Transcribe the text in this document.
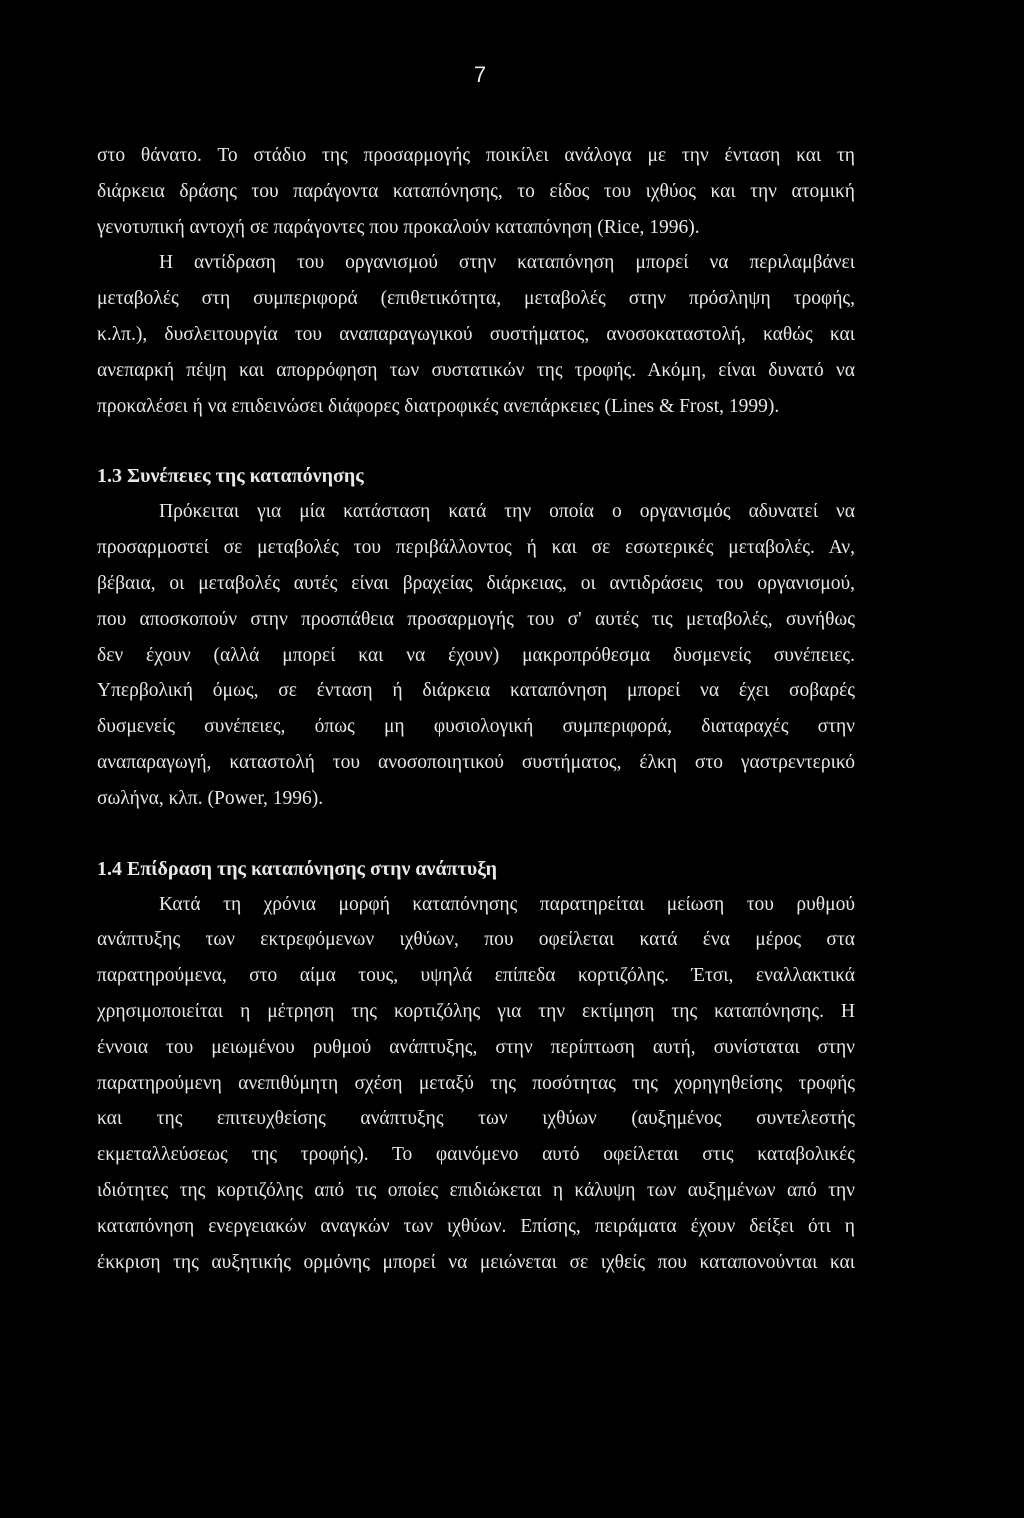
7
στο θάνατο. Το στάδιο της προσαρμογής ποικίλει ανάλογα με την ένταση και τη
διάρκεια δράσης του παράγοντα καταπόνησης, το είδος του ιχθύος και την ατομική
γενοτυπική αντοχή σε παράγοντες που προκαλούν καταπόνηση (Rice, 1996).
Η αντίδραση του οργανισμού στην καταπόνηση μπορεί να περιλαμβάνει
μεταβολές στη συμπεριφορά (επιθετικότητα, μεταβολές στην πρόσληψη τροφής,
κ.λπ.), δυσλειτουργία του αναπαραγωγικού συστήματος, ανοσοκαταστολή, καθώς και
ανεπαρκή πέψη και απορρόφηση των συστατικών της τροφής. Ακόμη, είναι δυνατό να
προκαλέσει ή να επιδεινώσει διάφορες διατροφικές ανεπάρκειες (Lines & Frost, 1999).
1.3 Συνέπειες της καταπόνησης
Πρόκειται για μία κατάσταση κατά την οποία ο οργανισμός αδυνατεί να
προσαρμοστεί σε μεταβολές του περιβάλλοντος ή και σε εσωτερικές μεταβολές. Αν,
βέβαια, οι μεταβολές αυτές είναι βραχείας διάρκειας, οι αντιδράσεις του οργανισμού,
που αποσκοπούν στην προσπάθεια προσαρμογής του σ' αυτές τις μεταβολές, συνήθως
δεν έχουν (αλλά μπορεί και να έχουν) μακροπρόθεσμα δυσμενείς συνέπειες.
Υπερβολική όμως, σε ένταση ή διάρκεια καταπόνηση μπορεί να έχει σοβαρές
δυσμενείς συνέπειες, όπως μη φυσιολογική συμπεριφορά, διαταραχές στην
αναπαραγωγή, καταστολή του ανοσοποιητικού συστήματος, έλκη στο γαστρεντερικό
σωλήνα, κλπ. (Power, 1996).
1.4 Επίδραση της καταπόνησης στην ανάπτυξη
Κατά τη χρόνια μορφή καταπόνησης παρατηρείται μείωση του ρυθμού
ανάπτυξης των εκτρεφόμενων ιχθύων, που οφείλεται κατά ένα μέρος στα
παρατηρούμενα, στο αίμα τους, υψηλά επίπεδα κορτιζόλης. Έτσι, εναλλακτικά
χρησιμοποιείται η μέτρηση της κορτιζόλης για την εκτίμηση της καταπόνησης. Η
έννοια του μειωμένου ρυθμού ανάπτυξης, στην περίπτωση αυτή, συνίσταται στην
παρατηρούμενη ανεπιθύμητη σχέση μεταξύ της ποσότητας της χορηγηθείσης τροφής
και της επιτευχθείσης ανάπτυξης των ιχθύων (αυξημένος συντελεστής
εκμεταλλεύσεως της τροφής). Το φαινόμενο αυτό οφείλεται στις καταβολικές
ιδιότητες της κορτιζόλης από τις οποίες επιδιώκεται η κάλυψη των αυξημένων από την
καταπόνηση ενεργειακών αναγκών των ιχθύων. Επίσης, πειράματα έχουν δείξει ότι η
έκκριση της αυξητικής ορμόνης μπορεί να μειώνεται σε ιχθείς που καταπονούνται και
